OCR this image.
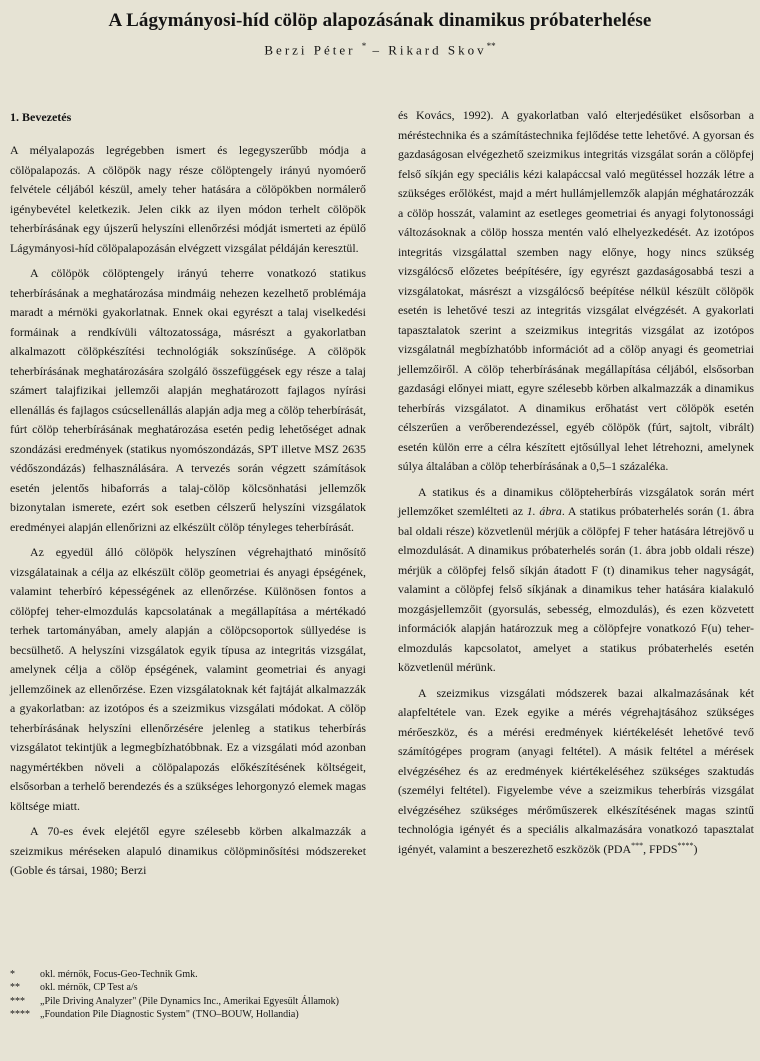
A Lágymányosi-híd cölöp alapozásának dinamikus próbaterhelése
Berzi Péter * – Rikard Skov**
1. Bevezetés

A mélyalapozás legrégebben ismert és legegyszerűbb módja a cölöpalapozás. A cölöpök nagy része cölöptengely irányú nyomóerő felvétele céljából készül, amely teher hatására a cölöpökben normálerő igénybevétel keletkezik. Jelen cikk az ilyen módon terhelt cölöpök teherbírásának egy újszerű helyszíni ellenőrzési módját ismerteti az épülő Lágymányosi-híd cölöpalapozásán elvégzett vizsgálat példáján keresztül.

A cölöpök cölöptengely irányú teherre vonatkozó statikus teherbírásának a meghatározása mindmáig nehezen kezelhető problémája maradt a mérnöki gyakorlatnak. Ennek okai egyrészt a talaj viselkedési formáinak a rendkívüli változatossága, másrészt a gyakorlatban alkalmazott cölöpkészítési technológiák sokszínűsége. A cölöpök teherbírásának meghatározására szolgáló összefüggések egy része a talaj számert talajfizikai jellemzői alapján meghatározott fajlagos nyírási ellenállás és fajlagos csúcsellenállás alapján adja meg a cölöp teherbírását, fúrt cölöp teherbírásának meghatározása esetén pedig lehetőséget adnak szondázási eredmények (statikus nyomószondázás, SPT illetve MSZ 2635 védőszondázás) felhasználására. A tervezés során végzett számítások esetén jelentős hibaforrás a talaj-cölöp kölcsönhatási jellemzők bizonytalan ismerete, ezért sok esetben célszerű helyszíni vizsgálatok eredményei alapján ellenőrizni az elkészült cölöp tényleges teherbírását.

Az egyedül álló cölöpök helyszínen végrehajtható minősítő vizsgálatainak a célja az elkészült cölöp geometriai és anyagi épségének, valamint teherbíró képességének az ellenőrzése. Különösen fontos a cölöpfej teher-elmozdulás kapcsolatának a megállapítása a mértékadó terhek tartományában, amely alapján a cölöpcsoportok süllyedése is becsülhető. A helyszíni vizsgálatok egyik típusa az integritás vizsgálat, amelynek célja a cölöp épségének, valamint geometriai és anyagi jellemzőinek az ellenőrzése. Ezen vizsgálatoknak két fajtáját alkalmazzák a gyakorlatban: az izotópos és a szeizmikus vizsgálati módokat. A cölöp teherbírásának helyszíni ellenőrzésére jelenleg a statikus teherbírás vizsgálatot tekintjük a legmegbízhatóbbnak. Ez a vizsgálati mód azonban nagymértékben növeli a cölöpalapozás előkészítésének költségeit, elsősorban a terhelő berendezés és a szükséges lehorgonyzó elemek magas költsége miatt.

A 70-es évek elejétől egyre szélesebb körben alkalmazzák a szeizmikus méréseken alapuló dinamikus cölöpminősítési módszereket (Goble és társai, 1980; Berzi

és Kovács, 1992). A gyakorlatban való elterjedésüket elsősorban a méréstechnika és a számítástechnika fejlődése tette lehetővé. A gyorsan és gazdaságosan elvégezhető szeizmikus integritás vizsgálat során a cölöpfej felső síkján egy speciális kézi kalapáccsal való megütéssel hozzák létre a szükséges erőlökést, majd a mért hullámjellemzők alapján méghatározzák a cölöp hosszát, valamint az esetleges geometriai és anyagi folytonossági változásoknak a cölöp hossza mentén való elhelyezkedését. Az izotópos integritás vizsgálattal szemben nagy előnye, hogy nincs szükség vizsgálócső előzetes beépítésére, így egyrészt gazdaságosabbá teszi a vizsgálatokat, másrészt a vizsgálócső beépítése nélkül készült cölöpök esetén is lehetővé teszi az integritás vizsgálat elvégzését. A gyakorlati tapasztalatok szerint a szeizmikus integritás vizsgálat az izotópos vizsgálatnál megbízhatóbb információt ad a cölöp anyagi és geometriai jellemzőiről. A cölöp teherbírásának megállapítása céljából, elsősorban gazdasági előnyei miatt, egyre szélesebb körben alkalmazzák a dinamikus teherbírás vizsgálatot. A dinamikus erőhatást vert cölöpök esetén célszerűen a verőberendezéssel, egyéb cölöpök (fúrt, sajtolt, vibrált) esetén külön erre a célra készített ejtősúllyal lehet létrehozni, amelynek súlya általában a cölöp teherbírásának a 0,5–1 százaléka.

A statikus és a dinamikus cölöpteherbírás vizsgálatok során mért jellemzőket szemlélteti az 1. ábra. A statikus próbaterhelés során (1. ábra bal oldali része) közvetlenül mérjük a cölöpfej F teher hatására létrejövő u elmozdulását. A dinamikus próbaterhelés során (1. ábra jobb oldali része) mérjük a cölöpfej felső síkján átadott F (t) dinamikus teher nagyságát, valamint a cölöpfej felső síkjának a dinamikus teher hatására kialakuló mozgásjellemzőit (gyorsulás, sebesség, elmozdulás), és ezen közvetett információk alapján határozzuk meg a cölöpfejre vonatkozó F(u) teher-elmozdulás kapcsolatot, amelyet a statikus próbaterhelés esetén közvetlenül mérünk.

A szeizmikus vizsgálati módszerek bazai alkalmazásának két alapfeltétele van. Ezek egyike a mérés végrehajtásához szükséges mérőeszköz, és a mérési eredmények kiértékelését lehetővé tevő számítógépes program (anyagi feltétel). A másik feltétel a mérések elvégzéséhez és az eredmények kiértékeléséhez szükséges szaktudás (személyi feltétel). Figyelembe véve a szeizmikus teherbírás vizsgálat elvégzéséhez szükséges mérőműszerek elkészítésének magas szintű technológia igényét és a speciális alkalmazására vonatkozó tapasztalat igényét, valamint a beszerezhető eszközök (PDA***, FPDS****)

*	okl. mérnök, Focus-Geo-Technik Gmk.
** okl. mérnök, CP Test a/s
*** „Pile Driving Analyzer" (Pile Dynamics Inc., Amerikai Egyesült Államok)
**** „Foundation Pile Diagnostic System" (TNO–BOUW, Hollandia)
